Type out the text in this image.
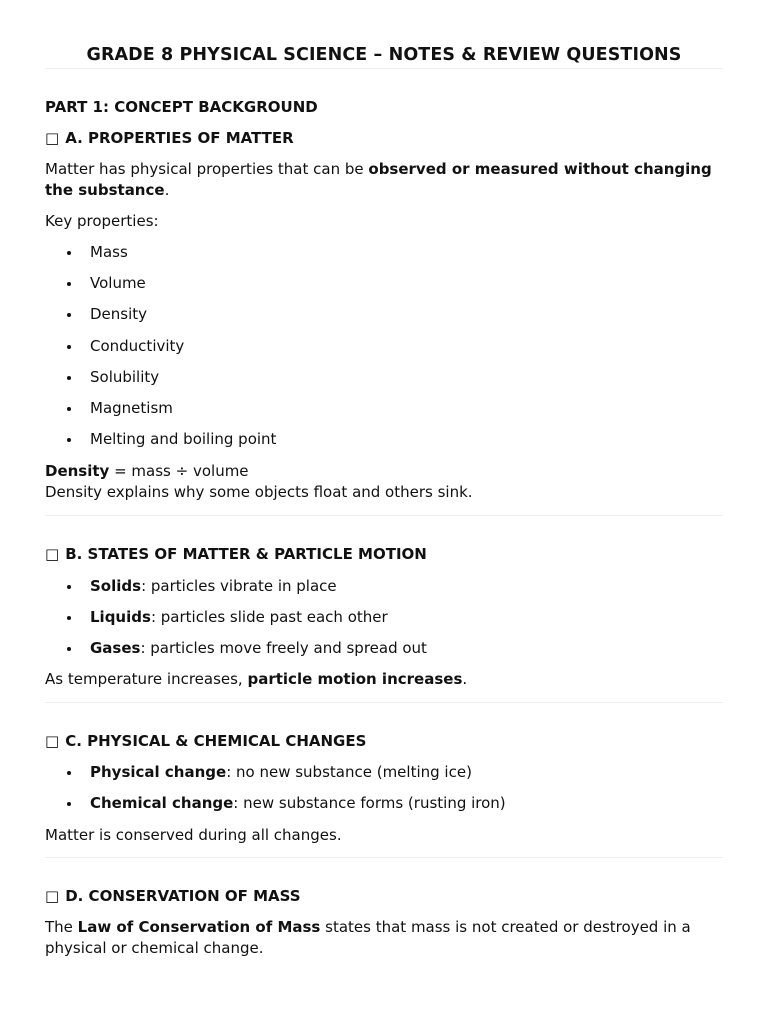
GRADE 8 PHYSICAL SCIENCE – NOTES & REVIEW QUESTIONS
PART 1: CONCEPT BACKGROUND
□ A. PROPERTIES OF MATTER

Matter has physical properties that can be observed or measured without changing the substance.

Key properties:

Mass
Volume
Density
Conductivity
Solubility
Magnetism
Melting and boiling point

Density = mass ÷ volume

Density explains why some objects float and others sink.

□ B. STATES OF MATTER & PARTICLE MOTION
Solids: particles vibrate in place
Liquids: particles slide past each other
Gases: particles move freely and spread out

As temperature increases, particle motion increases.

□ C. PHYSICAL & CHEMICAL CHANGES
Physical change: no new substance (melting ice)
Chemical change: new substance forms (rusting iron)

Matter is conserved during all changes.

□ D. CONSERVATION OF MASS

The Law of Conservation of Mass states that mass is not created or destroyed in a physical or chemical change.
